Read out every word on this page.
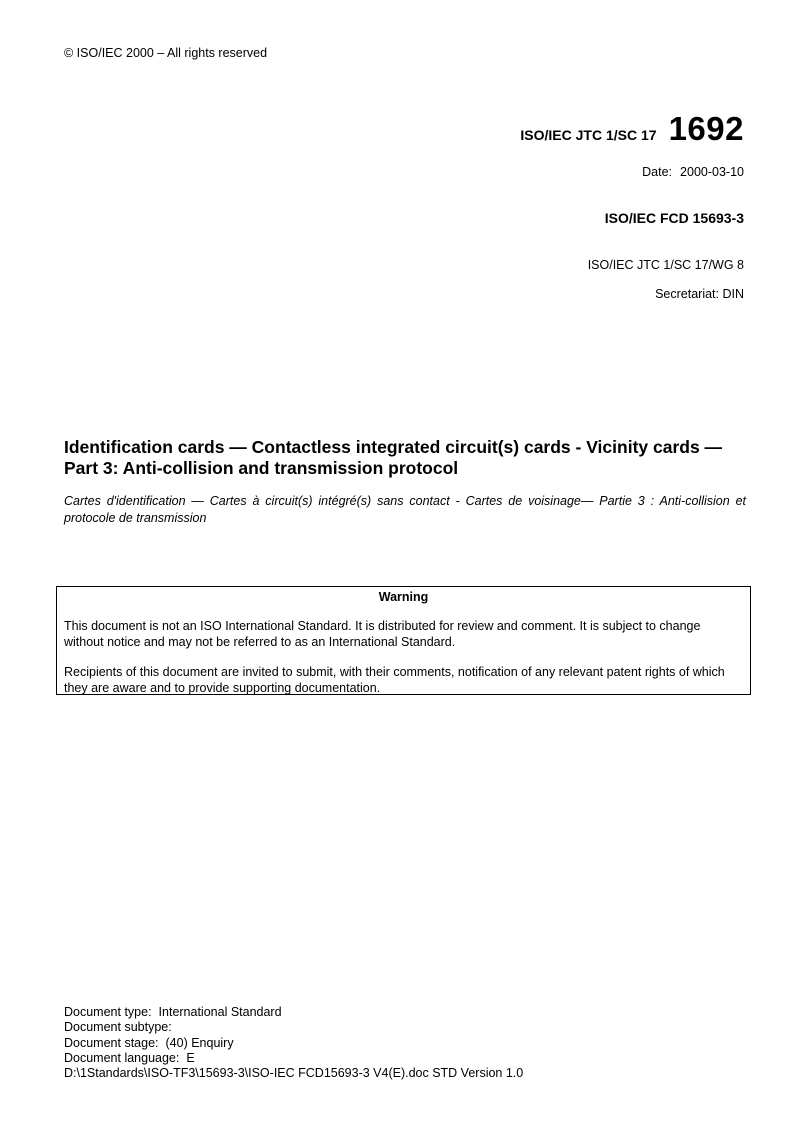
© ISO/IEC 2000 – All rights reserved
ISO/IEC JTC 1/SC 17 1692
Date: 2000-03-10
ISO/IEC FCD 15693-3
ISO/IEC JTC 1/SC 17/WG 8
Secretariat: DIN
Identification cards — Contactless integrated circuit(s) cards - Vicinity cards — Part 3: Anti-collision and transmission protocol
Cartes d'identification — Cartes à circuit(s) intégré(s) sans contact - Cartes de voisinage— Partie 3 : Anti-collision et protocole de transmission
Warning
This document is not an ISO International Standard. It is distributed for review and comment. It is subject to change without notice and may not be referred to as an International Standard.
Recipients of this document are invited to submit, with their comments, notification of any relevant patent rights of which they are aware and to provide supporting documentation.
Document type: International Standard
Document subtype:
Document stage: (40) Enquiry
Document language: E
D:\1Standards\ISO-TF3\15693-3\ISO-IEC FCD15693-3 V4(E).doc STD Version 1.0
